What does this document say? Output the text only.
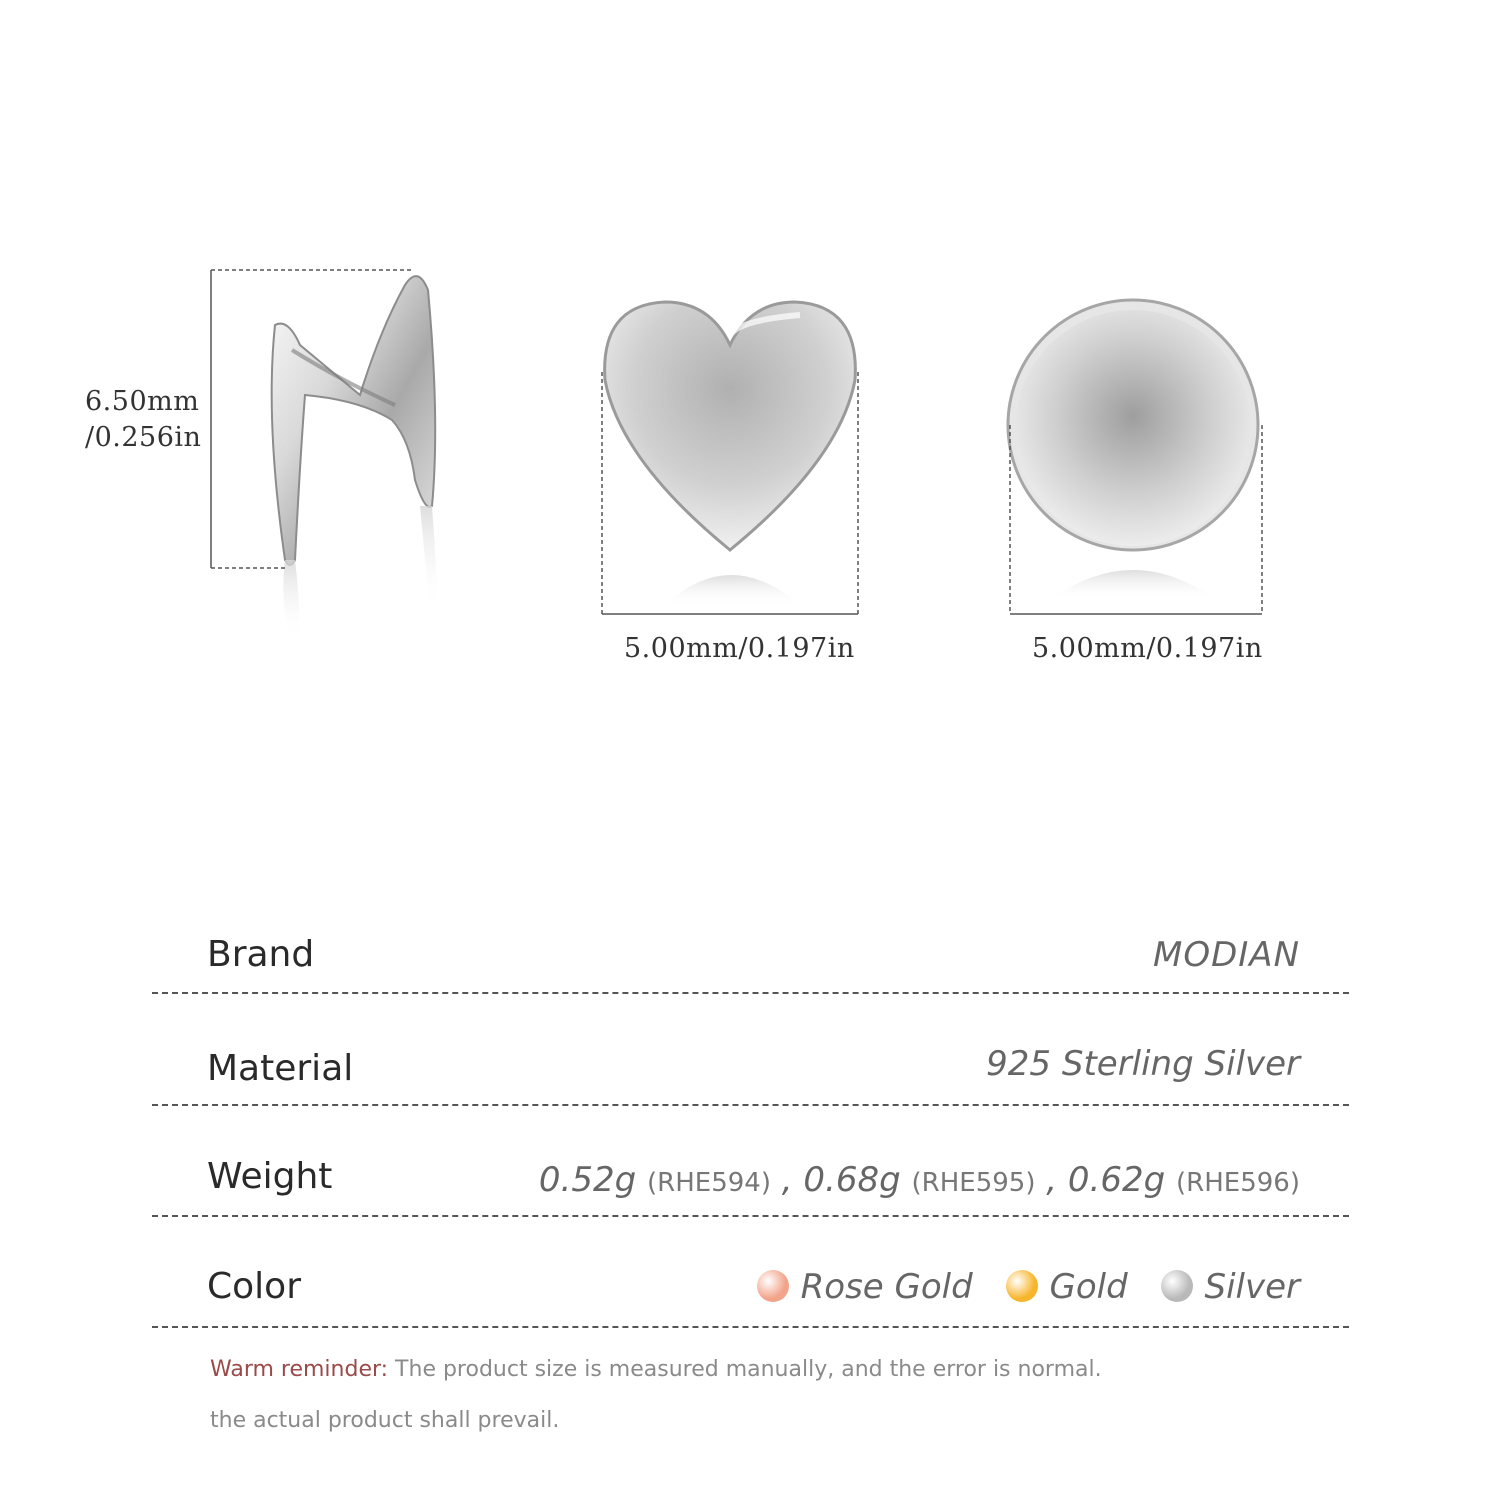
6.50mm
/0.256in
5.00mm/0.197in	5.00mm/0.197in
Brand	MODIAN
Material	925 Sterling Silver
Weight	0.52g (RHE594) , 0.68g (RHE595) , 0.62g (RHE596)
Color	Rose Gold Gold Silver
Warm reminder: The product size is measured manually, and the error is normal.
the actual product shall prevail.
